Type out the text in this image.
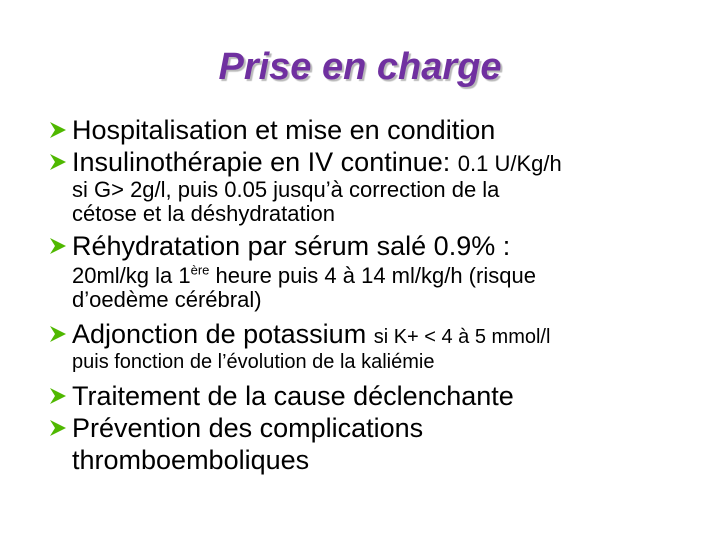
Prise en charge
Hospitalisation et mise en condition
Insulinothérapie en IV continue: 0.1 U/Kg/h
si G> 2g/l, puis 0.05 jusqu’à correction de la
cétose et la déshydratation
Réhydratation par sérum salé 0.9% :
20ml/kg la 1ère heure puis 4 à 14 ml/kg/h (risque
d’oedème cérébral)
Adjonction de potassium si K+ < 4 à 5 mmol/l
puis fonction de l’évolution de la kaliémie
Traitement de la cause déclenchante
Prévention des complications
thromboemboliques
